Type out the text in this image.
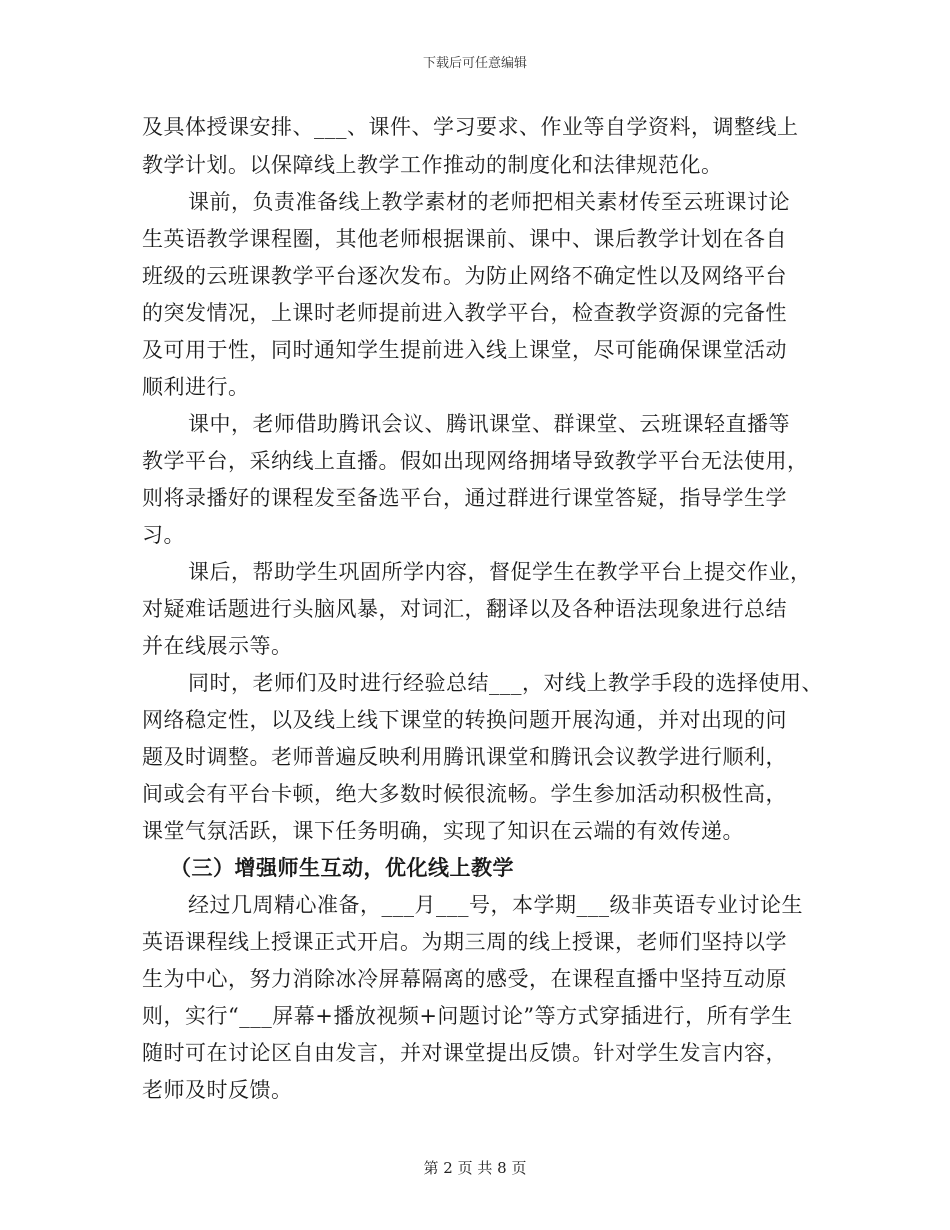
下载后可任意编辑
及具体授课安排、___、课件、学习要求、作业等自学资料，调整线上
教学计划。以保障线上教学工作推动的制度化和法律规范化。
课前，负责准备线上教学素材的老师把相关素材传至云班课讨论
生英语教学课程圈，其他老师根据课前、课中、课后教学计划在各自
班级的云班课教学平台逐次发布。为防止网络不确定性以及网络平台
的突发情况，上课时老师提前进入教学平台，检查教学资源的完备性
及可用于性，同时通知学生提前进入线上课堂，尽可能确保课堂活动
顺利进行。
课中，老师借助腾讯会议、腾讯课堂、群课堂、云班课轻直播等
教学平台，采纳线上直播。假如出现网络拥堵导致教学平台无法使用，
则将录播好的课程发至备选平台，通过群进行课堂答疑，指导学生学
习。
课后，帮助学生巩固所学内容，督促学生在教学平台上提交作业，
对疑难话题进行头脑风暴，对词汇，翻译以及各种语法现象进行总结
并在线展示等。
同时，老师们及时进行经验总结___，对线上教学手段的选择使用、
网络稳定性，以及线上线下课堂的转换问题开展沟通，并对出现的问
题及时调整。老师普遍反映利用腾讯课堂和腾讯会议教学进行顺利，
间或会有平台卡顿，绝大多数时候很流畅。学生参加活动积极性高，
课堂气氛活跃，课下任务明确，实现了知识在云端的有效传递。
（三）增强师生互动，优化线上教学
经过几周精心准备，___月___号，本学期___级非英语专业讨论生
英语课程线上授课正式开启。为期三周的线上授课，老师们坚持以学
生为中心，努力消除冰冷屏幕隔离的感受，在课程直播中坚持互动原
则，实行“___屏幕+播放视频+问题讨论”等方式穿插进行，所有学生
随时可在讨论区自由发言，并对课堂提出反馈。针对学生发言内容，
老师及时反馈。
第 2 页 共 8 页
